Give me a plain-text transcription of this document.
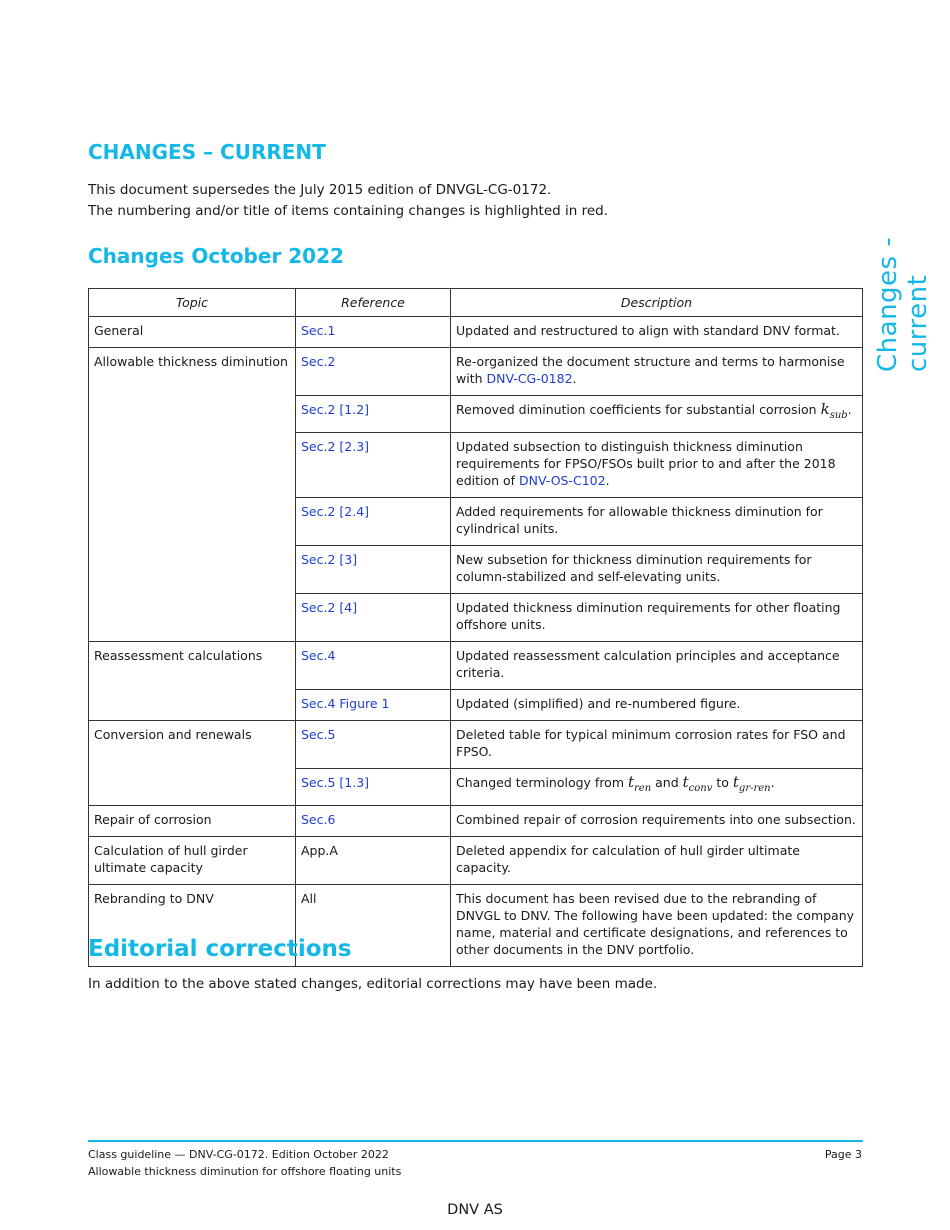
Changes - current
CHANGES – CURRENT

This document supersedes the July 2015 edition of DNVGL-CG-0172.

The numbering and/or title of items containing changes is highlighted in red.

Changes October 2022
Topic	Reference	Description
General	Sec.1	Updated and restructured to align with standard DNV format.
Allowable thickness diminution	Sec.2	Re-organized the document structure and terms to harmonise with DNV-CG-0182.
	Sec.2 [1.2]	Removed diminution coefficients for substantial corrosion $k_{sub}$.
	Sec.2 [2.3]	Updated subsection to distinguish thickness diminution requirements for FPSO/FSOs built prior to and after the 2018 edition of DNV-OS-C102.
	Sec.2 [2.4]	Added requirements for allowable thickness diminution for cylindrical units.
	Sec.2 [3]	New subsetion for thickness diminution requirements for column-stabilized and self-elevating units.
	Sec.2 [4]	Updated thickness diminution requirements for other floating offshore units.
Reassessment calculations	Sec.4	Updated reassessment calculation principles and acceptance criteria.
	Sec.4 Figure 1	Updated (simplified) and re-numbered figure.
Conversion and renewals	Sec.5	Deleted table for typical minimum corrosion rates for FSO and FPSO.
	Sec.5 [1.3]	Changed terminology from $t_{ren}$ and $t_{conv}$ to $t_{gr-ren}$.
Repair of corrosion	Sec.6	Combined repair of corrosion requirements into one subsection.
Calculation of hull girder ultimate capacity	App.A	Deleted appendix for calculation of hull girder ultimate capacity.
Rebranding to DNV	All	This document has been revised due to the rebranding of DNVGL to DNV. The following have been updated: the company name, material and certificate designations, and references to other documents in the DNV portfolio.
Editorial corrections

In addition to the above stated changes, editorial corrections may have been made.

Class guideline — DNV-CG-0172. Edition October 2022
Allowable thickness diminution for offshore floating units
Page 3
DNV AS
